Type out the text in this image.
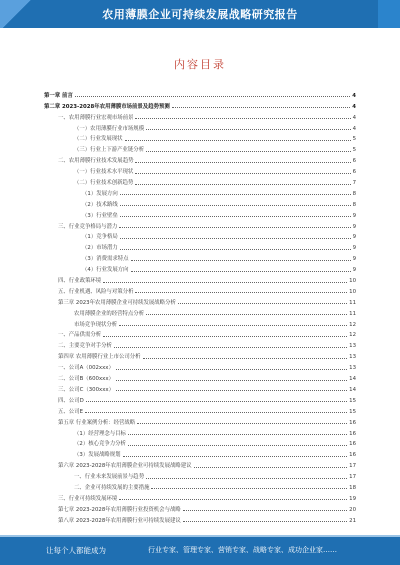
农用薄膜企业可持续发展战略研究报告
内容目录
第一章 前言	4
第二章 2023-2028年农用薄膜市场前景及趋势预测	4
一、农用薄膜行业宏观市场前景	4
（一）农用薄膜行业市场规模	4
（二）行业发展现状	5
（三）行业上下游产业链分析	5
二、农用薄膜行业技术发展趋势	6
（一）行业技术水平现状	6
（二）行业技术创新趋势	7
（1）发展方向	8
（2）技术路线	8
（3）行业壁垒	9
三、行业竞争格局与潜力	9
（1）竞争格局	9
（2）市场潜力	9
（3）消费需求特点	9
（4）行业发展方向	9
四、行业政策环境	10
五、行业机遇、风险与对策分析	10
第三章 2023年农用薄膜企业可持续发展战略分析	11
农用薄膜企业的经营特点分析	11
市场竞争现状分析	12
一、产品供需分析	12
二、主要竞争对手分析	13
第四章 农用薄膜行业上市公司分析	13
一、公司A（002xxx）	13
二、公司B（600xxx）	14
三、公司C（300xxx）	14
四、公司D	15
五、公司E	15
第五章 行业案例分析：经营战略	16
（1）经营理念与目标	16
（2）核心竞争力分析	16
（3）发展战略规划	16
第六章 2023-2028年农用薄膜企业可持续发展战略建议	17
一、行业未来发展前景与趋势	17
二、企业可持续发展的主要措施	18
三、行业可持续发展环境	19
第七章 2023-2028年农用薄膜行业投资机会与战略	20
第八章 2023-2028年农用薄膜行业可持续发展建议	21
让每个人都能成为	行业专家、管理专家、营销专家、战略专家、成功企业家……
